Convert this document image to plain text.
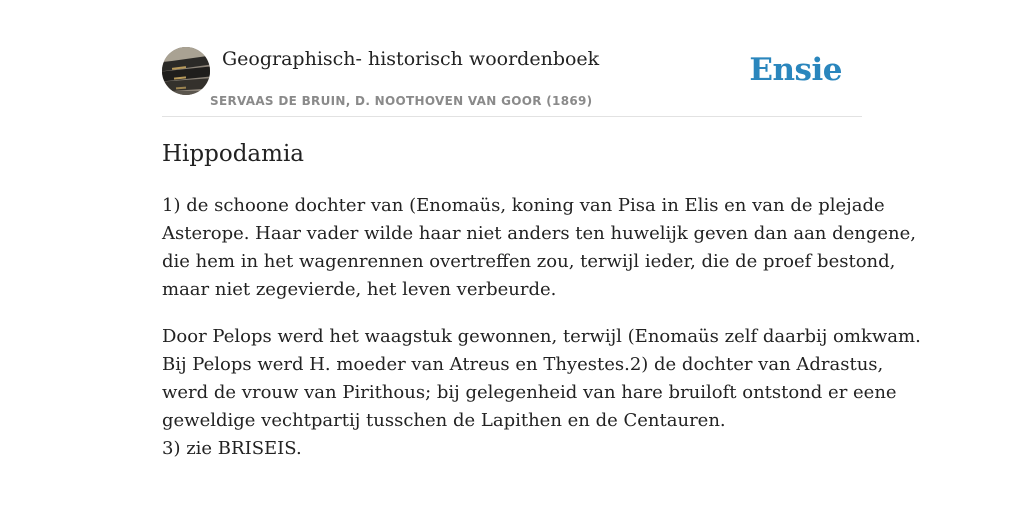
Geographisch- historisch woordenboek
SERVAAS DE BRUIN, D. NOOTHOVEN VAN GOOR (1869)
Ensie
Hippodamia

1) de schoone dochter van (Enomaüs, koning van Pisa in Elis en van de plejade
Asterope. Haar vader wilde haar niet anders ten huwelijk geven dan aan dengene,
die hem in het wagenrennen overtreffen zou, terwijl ieder, die de proef bestond,
maar niet zegevierde, het leven verbeurde.

Door Pelops werd het waagstuk gewonnen, terwijl (Enomaüs zelf daarbij omkwam.
Bij Pelops werd H. moeder van Atreus en Thyestes.2) de dochter van Adrastus,
werd de vrouw van Pirithous; bij gelegenheid van hare bruiloft ontstond er eene
geweldige vechtpartij tusschen de Lapithen en de Centauren.
3) zie BRISEIS.
